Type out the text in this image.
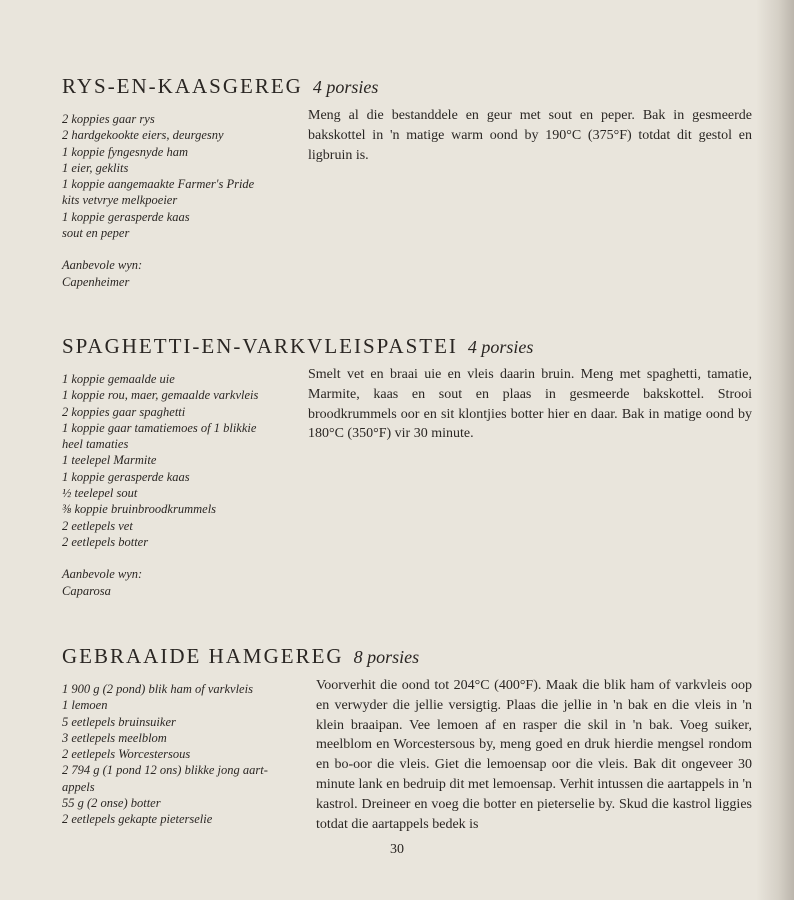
RYS-EN-KAASGEREG 4 porsies
2 koppies gaar rys
2 hardgekookte eiers, deurgesny
1 koppie fyngesnyde ham
1 eier, geklits
1 koppie aangemaakte Farmer's Pride
kits vetvrye melkpoeier
1 koppie gerasperde kaas
sout en peper
Aanbevole wyn:
Capenheimer
Meng al die bestanddele en geur met sout en peper. Bak in gesmeerde bakskottel in 'n matige warm oond by 190°C (375°F) totdat dit gestol en ligbruin is.
SPAGHETTI-EN-VARKVLEISPASTEI 4 porsies
1 koppie gemaalde uie
1 koppie rou, maer, gemaalde varkvleis
2 koppies gaar spaghetti
1 koppie gaar tamatiemoes of 1 blikkie
heel tamaties
1 teelepel Marmite
1 koppie gerasperde kaas
½ teelepel sout
⅜ koppie bruinbroodkrummels
2 eetlepels vet
2 eetlepels botter
Aanbevole wyn:
Caparosa
Smelt vet en braai uie en vleis daarin bruin. Meng met spaghetti, tamatie, Marmite, kaas en sout en plaas in gesmeerde bakskottel. Strooi broodkrummels oor en sit klontjies botter hier en daar. Bak in matige oond by 180°C (350°F) vir 30 minute.
GEBRAAIDE HAMGEREG 8 porsies
1 900 g (2 pond) blik ham of varkvleis
1 lemoen
5 eetlepels bruinsuiker
3 eetlepels meelblom
2 eetlepels Worcestersous
2 794 g (1 pond 12 ons) blikke jong aart-
appels
55 g (2 onse) botter
2 eetlepels gekapte pieterselie
Voorverhit die oond tot 204°C (400°F). Maak die blik ham of varkvleis oop en verwyder die jellie versigtig. Plaas die jellie in 'n bak en die vleis in 'n klein braaipan. Vee lemoen af en rasper die skil in 'n bak. Voeg suiker, meelblom en Worcestersous by, meng goed en druk hierdie mengsel rondom en bo-oor die vleis. Giet die lemoensap oor die vleis. Bak dit ongeveer 30 minute lank en bedruip dit met lemoensap. Verhit intussen die aartappels in 'n kastrol. Dreineer en voeg die botter en pieterselie by. Skud die kastrol liggies totdat die aartappels bedek is
30
